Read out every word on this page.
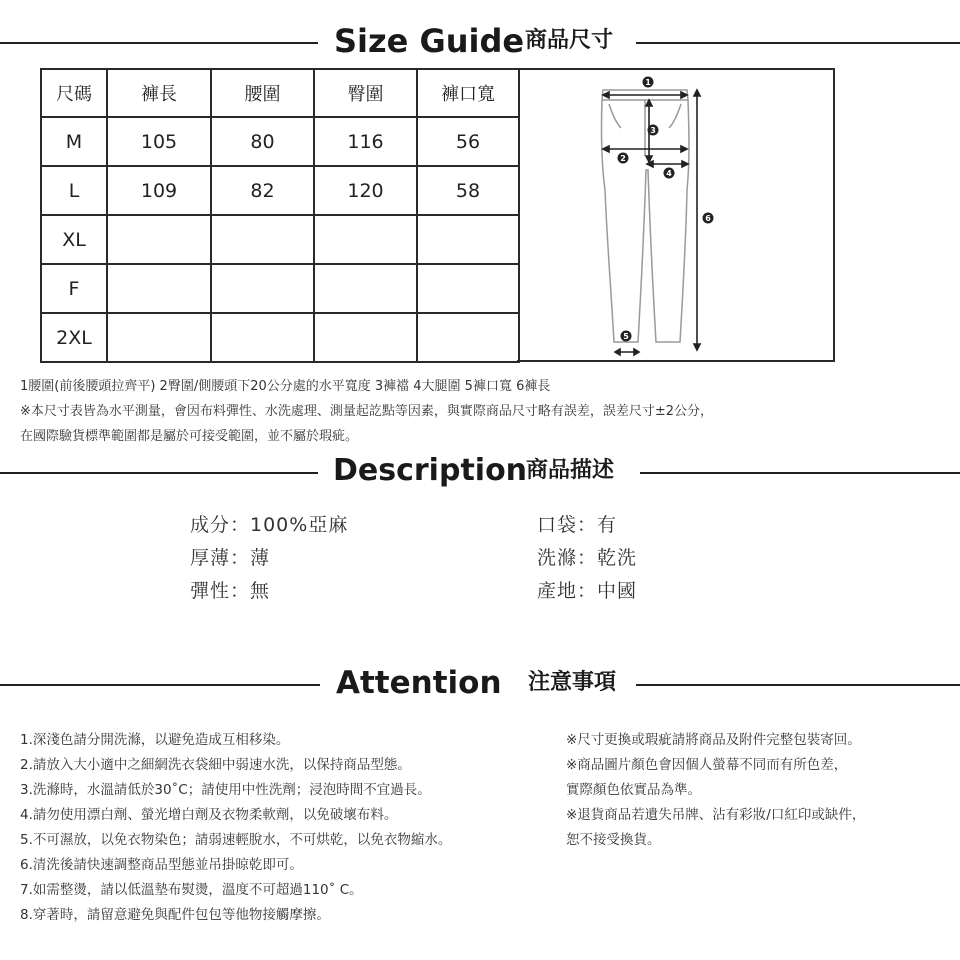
Size Guide 商品尺寸
尺碼	褲長	腰圍	臀圍	褲口寬
M	105	80	116	56
L	109	82	120	58
XL				
F				
2XL				
1
2
3
4
5
6
1腰圍(前後腰頭拉齊平) 2臀圍/側腰頭下20公分處的水平寬度 3褲襠 4大腿圍 5褲口寬 6褲長
※本尺寸表皆為水平測量，會因布料彈性、水洗處理、測量起訖點等因素，與實際商品尺寸略有誤差，誤差尺寸±2公分，
在國際驗貨標準範圍都是屬於可接受範圍，並不屬於瑕疵。
Description
商品描述
成分：100%亞麻
厚薄：薄
彈性：無
口袋：有
洗滌：乾洗
產地：中國
Attention 注意事項
1.深淺色請分開洗滌，以避免造成互相移染。
2.請放入大小適中之細網洗衣袋細中弱速水洗，以保持商品型態。
3.洗滌時，水溫請低於30˚C；請使用中性洗劑；浸泡時間不宜過長。
4.請勿使用漂白劑、螢光增白劑及衣物柔軟劑，以免破壞布料。
5.不可濕放，以免衣物染色；請弱速輕脫水，不可烘乾，以免衣物縮水。
6.清洗後請快速調整商品型態並吊掛晾乾即可。
7.如需整燙，請以低溫墊布熨燙，溫度不可超過110˚ C。
8.穿著時，請留意避免與配件包包等他物接觸摩擦。
※尺寸更換或瑕疵請將商品及附件完整包裝寄回。
※商品圖片顏色會因個人螢幕不同而有所色差，
實際顏色依實品為準。
※退貨商品若遺失吊牌、沾有彩妝/口紅印或缺件，
恕不接受換貨。
